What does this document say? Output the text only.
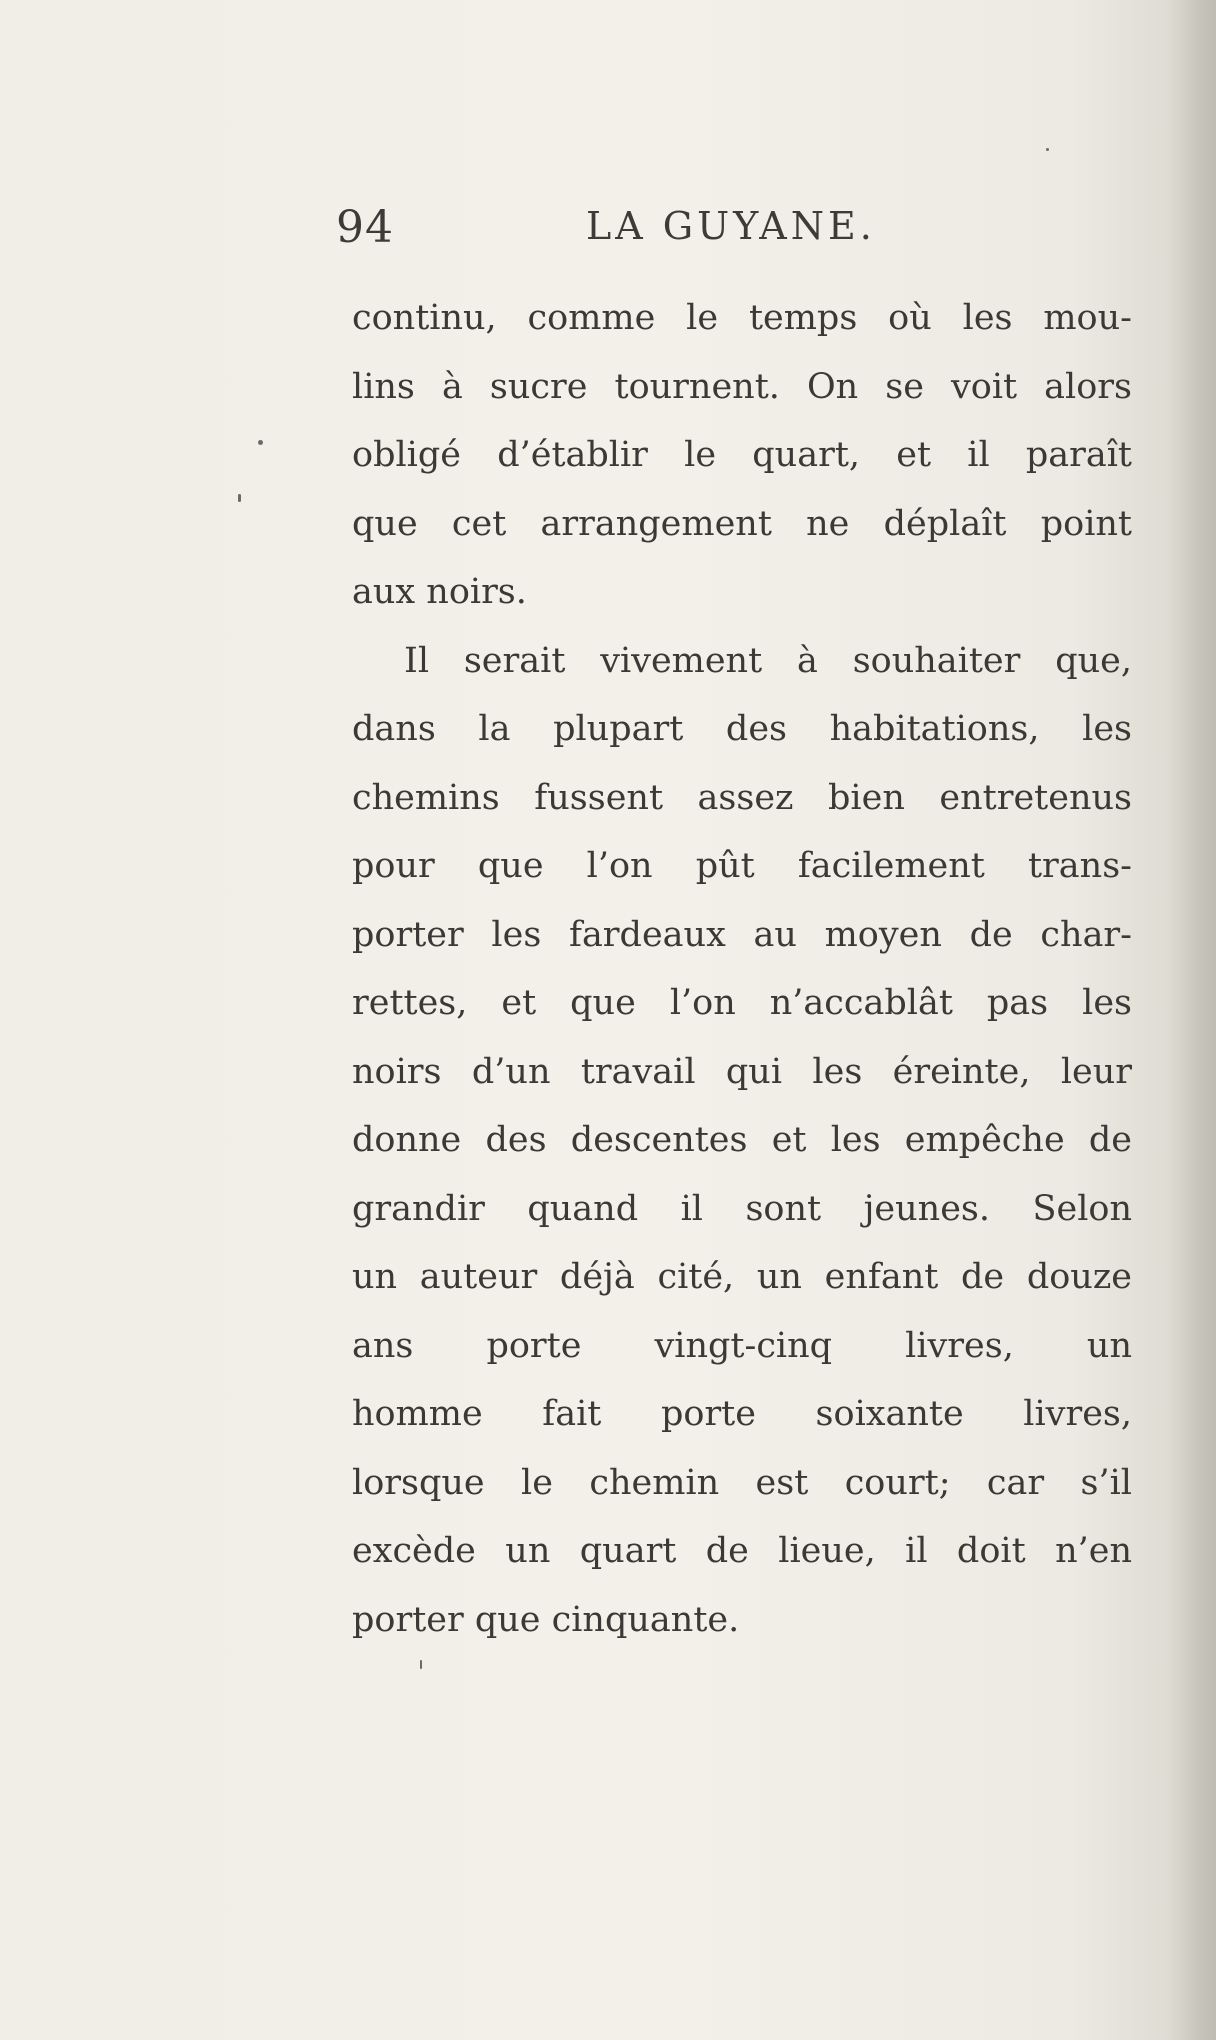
94	LA GUYANE.
continu, comme le temps où les mou-
lins à sucre tournent. On se voit alors
obligé d’établir le quart, et il paraît
que cet arrangement ne déplaît point
aux noirs.
Il serait vivement à souhaiter que,
dans la plupart des habitations, les
chemins fussent assez bien entretenus
pour que l’on pût facilement trans-
porter les fardeaux au moyen de char-
rettes, et que l’on n’accablât pas les
noirs d’un travail qui les éreinte, leur
donne des descentes et les empêche de
grandir quand il sont jeunes. Selon
un auteur déjà cité, un enfant de douze
ans porte vingt-cinq livres, un
homme fait porte soixante livres,
lorsque le chemin est court; car s’il
excède un quart de lieue, il doit n’en
porter que cinquante.
